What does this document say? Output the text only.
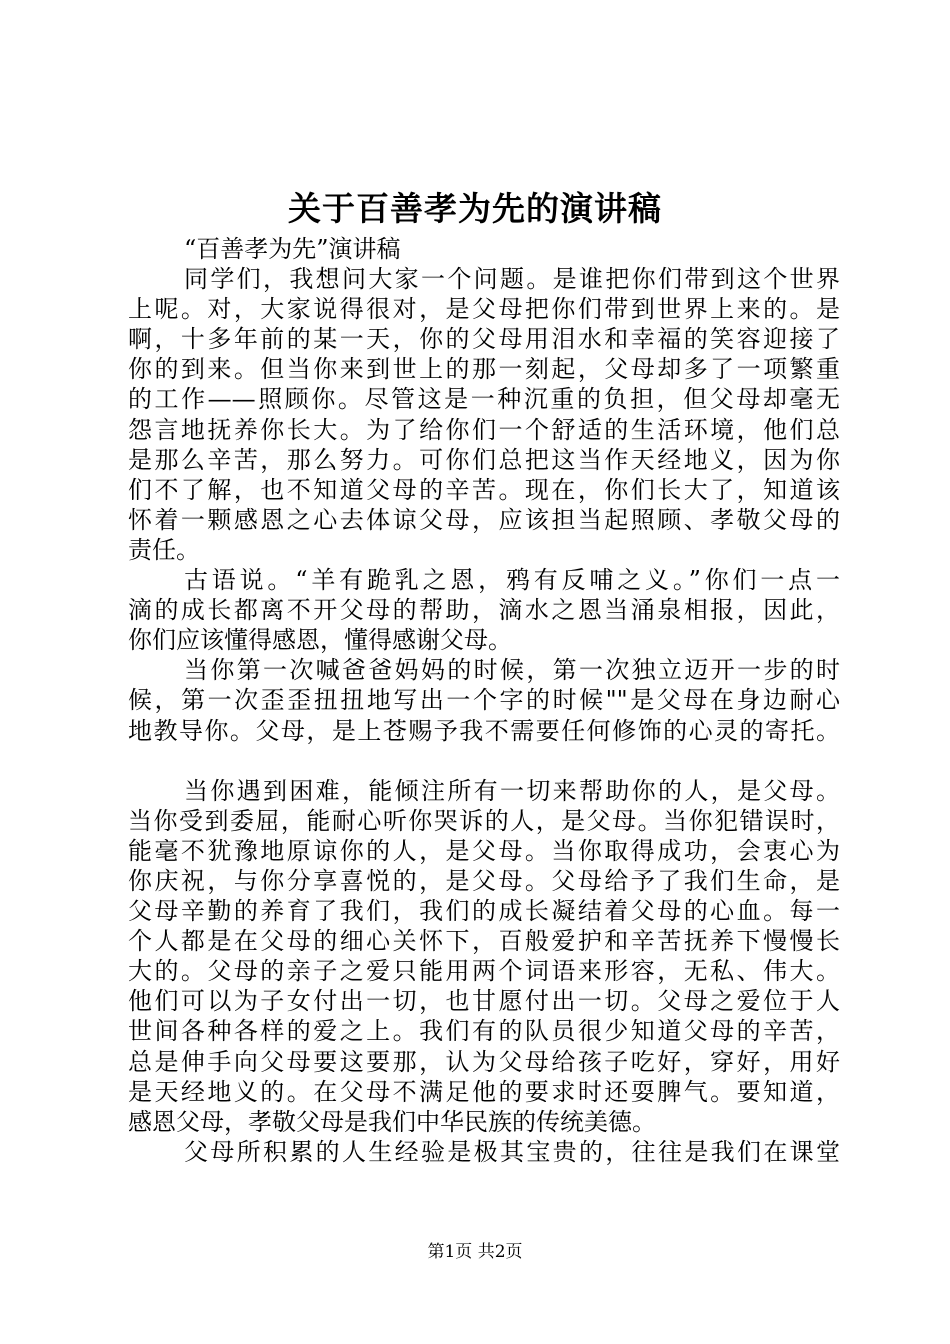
关于百善孝为先的演讲稿
“百善孝为先”演讲稿
同学们，我想问大家一个问题。是谁把你们带到这个世界
上呢。对，大家说得很对，是父母把你们带到世界上来的。是
啊，十多年前的某一天，你的父母用泪水和幸福的笑容迎接了
你的到来。但当你来到世上的那一刻起，父母却多了一项繁重
的工作——照顾你。尽管这是一种沉重的负担，但父母却毫无
怨言地抚养你长大。为了给你们一个舒适的生活环境，他们总
是那么辛苦，那么努力。可你们总把这当作天经地义，因为你
们不了解，也不知道父母的辛苦。现在，你们长大了，知道该
怀着一颗感恩之心去体谅父母，应该担当起照顾、孝敬父母的
责任。
古语说。“羊有跪乳之恩，鸦有反哺之义。”你们一点一
滴的成长都离不开父母的帮助，滴水之恩当涌泉相报，因此，
你们应该懂得感恩，懂得感谢父母。
当你第一次喊爸爸妈妈的时候，第一次独立迈开一步的时
候，第一次歪歪扭扭地写出一个字的时候""是父母在身边耐心
地教导你。父母，是上苍赐予我不需要任何修饰的心灵的寄托。
当你遇到困难，能倾注所有一切来帮助你的人，是父母。
当你受到委屈，能耐心听你哭诉的人，是父母。当你犯错误时，
能毫不犹豫地原谅你的人，是父母。当你取得成功，会衷心为
你庆祝，与你分享喜悦的，是父母。父母给予了我们生命，是
父母辛勤的养育了我们，我们的成长凝结着父母的心血。每一
个人都是在父母的细心关怀下，百般爱护和辛苦抚养下慢慢长
大的。父母的亲子之爱只能用两个词语来形容，无私、伟大。
他们可以为子女付出一切，也甘愿付出一切。父母之爱位于人
世间各种各样的爱之上。我们有的队员很少知道父母的辛苦，
总是伸手向父母要这要那，认为父母给孩子吃好，穿好，用好
是天经地义的。在父母不满足他的要求时还耍脾气。要知道，
感恩父母，孝敬父母是我们中华民族的传统美德。
父母所积累的人生经验是极其宝贵的，往往是我们在课堂
第1页 共2页
